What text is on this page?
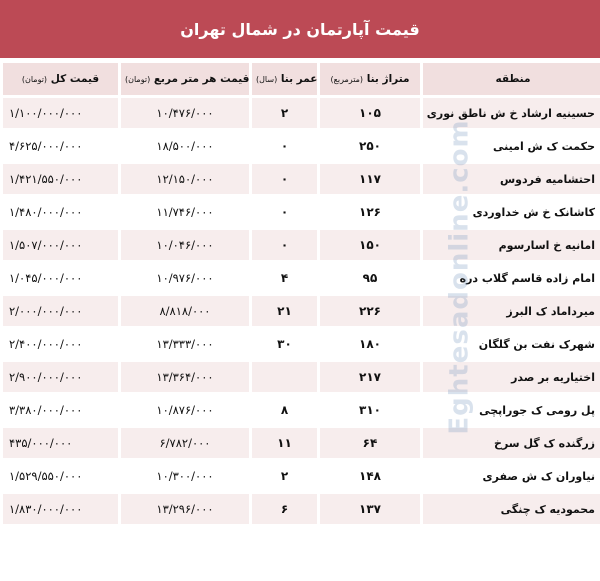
قیمت آپارتمان در شمال تهران
قیمت کل (تومان)	قیمت هر متر مربع (تومان)	عمر بنا (سال)	متراژ بنا (مترمربع)	منطقه
۱/۱۰۰/۰۰۰/۰۰۰	۱۰/۴۷۶/۰۰۰	۲	۱۰۵	حسینیه ارشاد خ ش ناطق نوری
۴/۶۲۵/۰۰۰/۰۰۰	۱۸/۵۰۰/۰۰۰	۰	۲۵۰	حکمت ک ش امینی
۱/۴۲۱/۵۵۰/۰۰۰	۱۲/۱۵۰/۰۰۰	۰	۱۱۷	احتشامیه فردوس
۱/۴۸۰/۰۰۰/۰۰۰	۱۱/۷۴۶/۰۰۰	۰	۱۲۶	کاشانک خ ش خداوردی
۱/۵۰۷/۰۰۰/۰۰۰	۱۰/۰۴۶/۰۰۰	۰	۱۵۰	امانیه خ اسارسوم
۱/۰۴۵/۰۰۰/۰۰۰	۱۰/۹۷۶/۰۰۰	۴	۹۵	امام زاده قاسم گلاب دره
۲/۰۰۰/۰۰۰/۰۰۰	۸/۸۱۸/۰۰۰	۲۱	۲۲۶	میرداماد ک البرز
۲/۴۰۰/۰۰۰/۰۰۰	۱۳/۳۳۳/۰۰۰	۳۰	۱۸۰	شهرک نفت بن گلگان
۲/۹۰۰/۰۰۰/۰۰۰	۱۳/۳۶۴/۰۰۰		۲۱۷	اختیاریه بر صدر
۳/۳۸۰/۰۰۰/۰۰۰	۱۰/۸۷۶/۰۰۰	۸	۳۱۰	پل رومی ک جوراپچی
۴۳۵/۰۰۰/۰۰۰	۶/۷۸۲/۰۰۰	۱۱	۶۴	زرگنده ک گل سرخ
۱/۵۲۹/۵۵۰/۰۰۰	۱۰/۳۰۰/۰۰۰	۲	۱۴۸	نیاوران ک ش صفری
۱/۸۳۰/۰۰۰/۰۰۰	۱۳/۲۹۶/۰۰۰	۶	۱۳۷	محمودیه ک چنگی
Eghtesadonline.com
